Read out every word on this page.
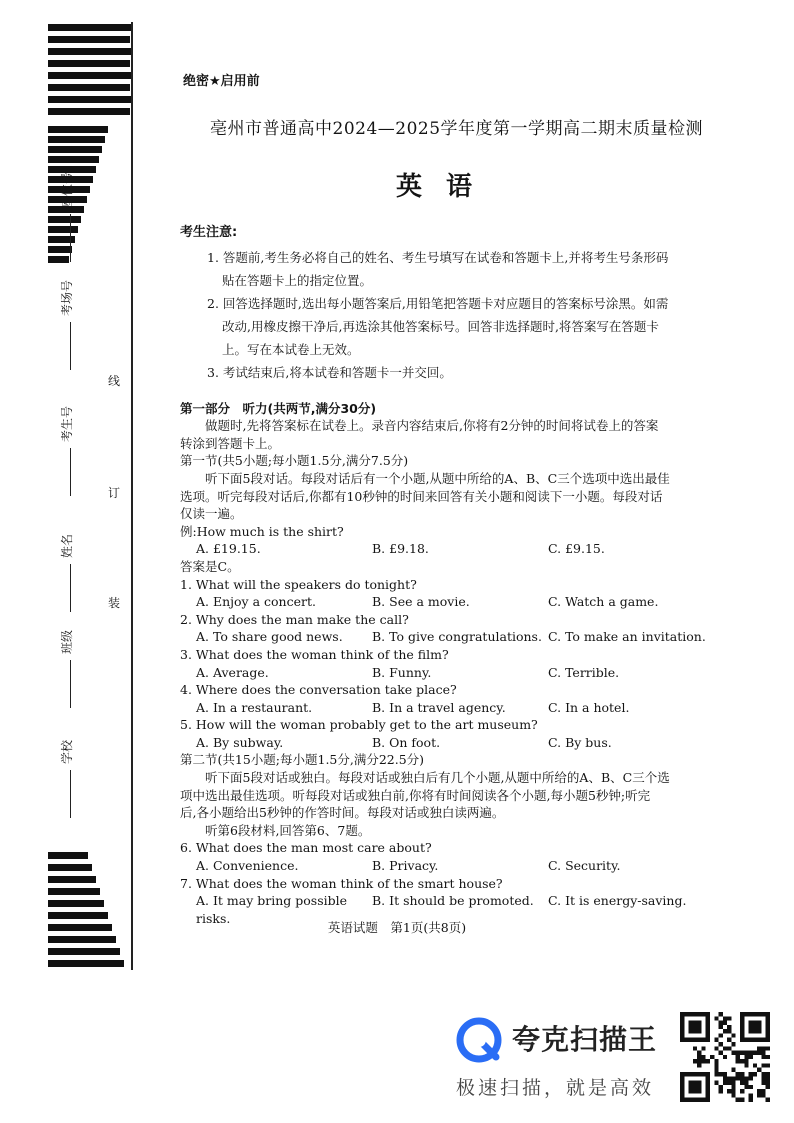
学校
班级
姓名
考生号
考场号
座位号
线
订
装
绝密★启用前
亳州市普通高中2024—2025学年度第一学期高二期末质量检测
英语
考生注意:
1. 答题前,考生务必将自己的姓名、考生号填写在试卷和答题卡上,并将考生号条形码
贴在答题卡上的指定位置。
2. 回答选择题时,选出每小题答案后,用铅笔把答题卡对应题目的答案标号涂黑。如需
改动,用橡皮擦干净后,再选涂其他答案标号。回答非选择题时,将答案写在答题卡
上。写在本试卷上无效。
3. 考试结束后,将本试卷和答题卡一并交回。
第一部分　听力(共两节,满分30分)

做题时,先将答案标在试卷上。录音内容结束后,你将有2分钟的时间将试卷上的答案

转涂到答题卡上。

第一节(共5小题;每小题1.5分,满分7.5分)

听下面5段对话。每段对话后有一个小题,从题中所给的A、B、C三个选项中选出最佳

选项。听完每段对话后,你都有10秒钟的时间来回答有关小题和阅读下一小题。每段对话

仅读一遍。

例:How much is the shirt?

A. £19.15.	B. £9.18.	C. £9.15.

答案是C。

1. What will the speakers do tonight?

A. Enjoy a concert.	B. See a movie.	C. Watch a game.

2. Why does the man make the call?

A. To share good news.	B. To give congratulations. C. To make an invitation.

3. What does the woman think of the film?

A. Average.	B. Funny.	C. Terrible.

4. Where does the conversation take place?

A. In a restaurant.	B. In a travel agency.	C. In a hotel.

5. How will the woman probably get to the art museum?

A. By subway.	B. On foot.	C. By bus.

第二节(共15小题;每小题1.5分,满分22.5分)

听下面5段对话或独白。每段对话或独白后有几个小题,从题中所给的A、B、C三个选

项中选出最佳选项。听每段对话或独白前,你将有时间阅读各个小题,每小题5秒钟;听完

后,各小题给出5秒钟的作答时间。每段对话或独白读两遍。

听第6段材料,回答第6、7题。

6. What does the man most care about?

A. Convenience.	B. Privacy.	C. Security.

7. What does the woman think of the smart house?

A. It may bring possible risks.
B. It should be promoted.	C. It is energy-saving.
英语试题　第1页(共8页)
夸克扫描王
极速扫描，就是高效
